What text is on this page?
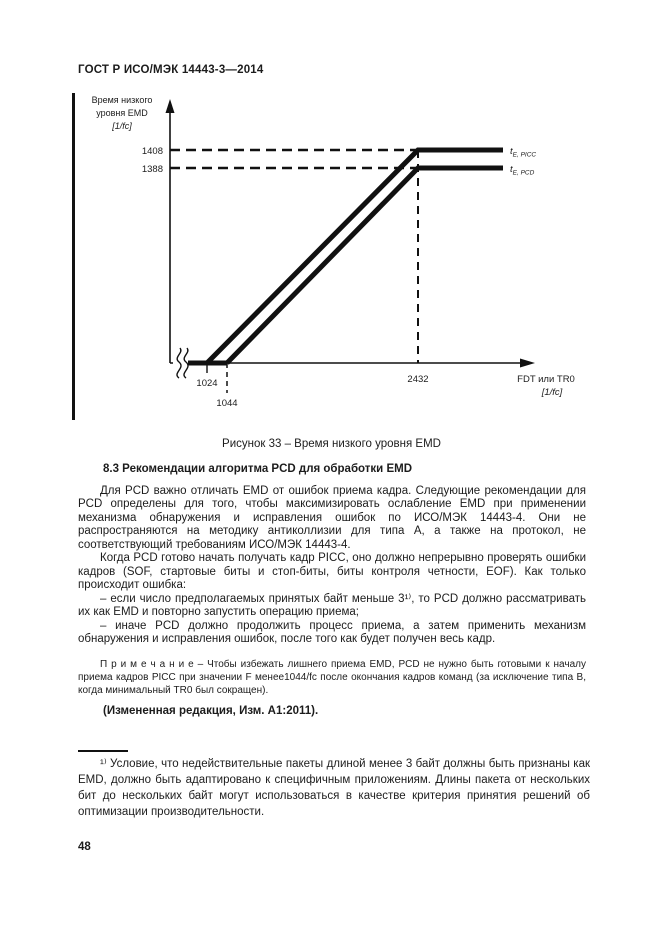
ГОСТ Р ИСО/МЭК 14443-3—2014
Время низкого
уровня EMD
[1/fc]
1408
1388
1024
1044
2432
$t_{E, PICC}$
$t_{E, PCD}$
FDT или TR0
[1/fc]
Рисунок 33 – Время низкого уровня EMD

8.3 Рекомендации алгоритма PCD для обработки EMD

Для PCD важно отличать EMD от ошибок приема кадра. Следующие рекомендации для PCD определены для того, чтобы максимизировать ослабление EMD при применении механизма обнаружения и исправления ошибок по ИСО/МЭК 14443-4. Они не распространяются на методику антиколлизии для типа А, а также на протокол, не соответствующий требованиям ИСО/МЭК 14443-4.

Когда PCD готово начать получать кадр PICC, оно должно непрерывно проверять ошибки кадров (SOF, стартовые биты и стоп-биты, биты контроля четности, EOF). Как только происходит ошибка:

– если число предполагаемых принятых байт меньше 3¹⁾, то PCD должно рассматривать их как EMD и повторно запустить операцию приема;

– иначе PCD должно продолжить процесс приема, а затем применить механизм обнаружения и исправления ошибок, после того как будет получен весь кадр.

П р и м е ч а н и е – Чтобы избежать лишнего приема EMD, PCD не нужно быть готовыми к началу приема кадров PICC при значении F менее1044/fc после окончания кадров команд (за исключение типа В, когда минимальный TR0 был сокращен).

(Измененная редакция, Изм. А1:2011).

¹⁾ Условие, что недействительные пакеты длиной менее 3 байт должны быть признаны как EMD, должно быть адаптировано к специфичным приложениям. Длины пакета от нескольких бит до нескольких байт могут использоваться в качестве критерия принятия решений об оптимизации производительности.

48
